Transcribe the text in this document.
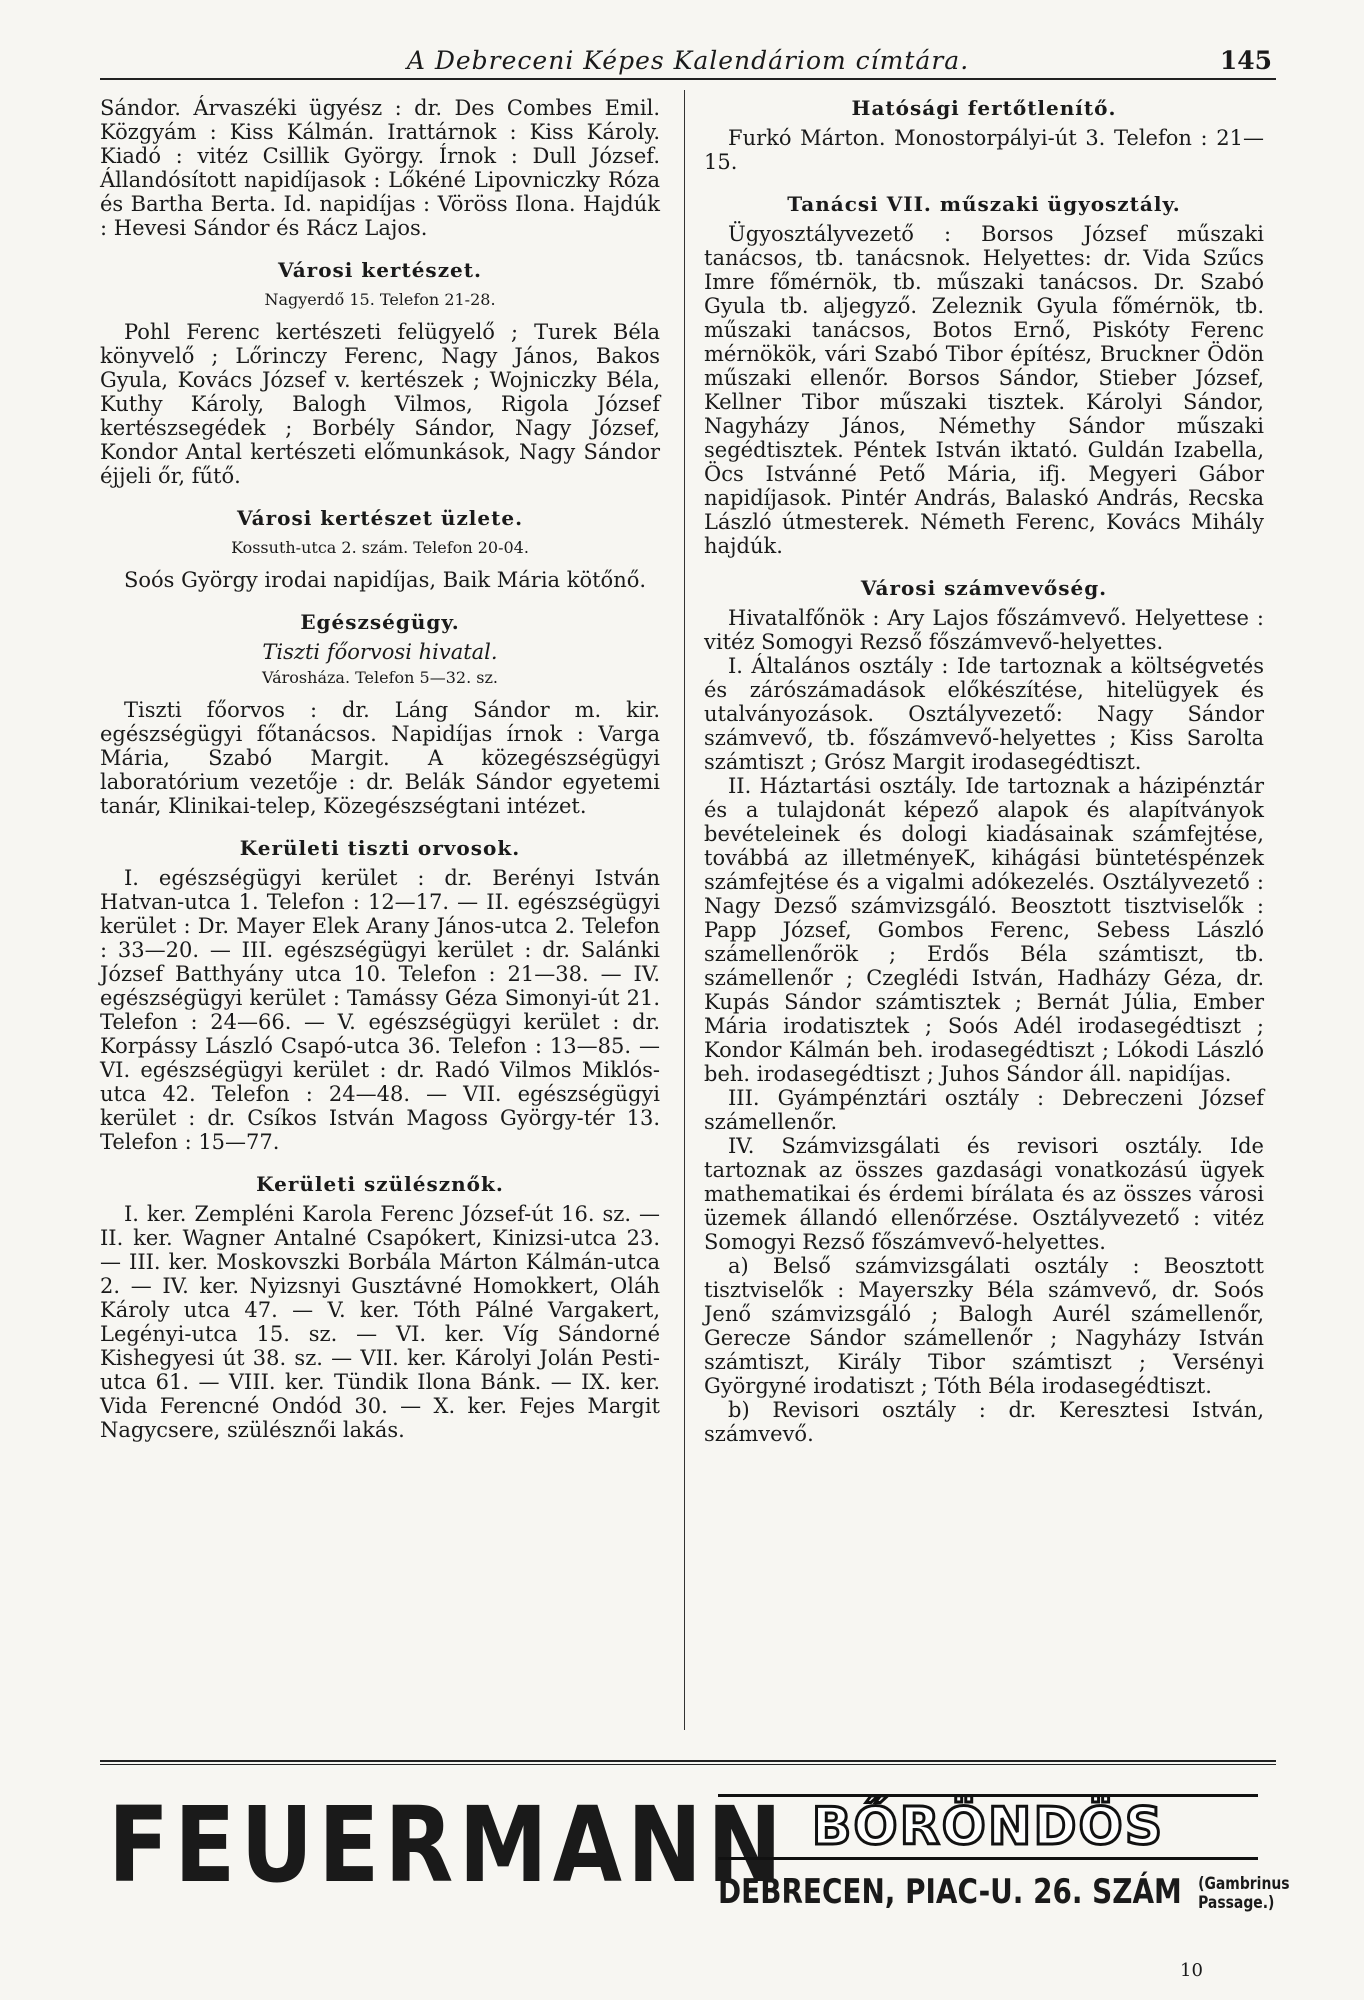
A Debreceni Képes Kalendáriom címtára.	145

Sándor. Árvaszéki ügyész : dr. Des Combes Emil. Közgyám : Kiss Kálmán. Irattárnok : Kiss Károly. Kiadó : vitéz Csillik György. Írnok : Dull József. Állandósított napidíjasok : Lőkéné Lipovniczky Róza és Bartha Berta. Id. napidíjas : Vöröss Ilona. Hajdúk : Hevesi Sándor és Rácz Lajos.

Városi kertészet.
Nagyerdő 15. Telefon 21-28.

Pohl Ferenc kertészeti felügyelő ; Turek Béla könyvelő ; Lőrinczy Ferenc, Nagy János, Bakos Gyula, Kovács József v. kertészek ; Wojniczky Béla, Kuthy Károly, Balogh Vilmos, Rigola József kertészsegédek ; Borbély Sándor, Nagy József, Kondor Antal kertészeti előmunkások, Nagy Sándor éjjeli őr, fűtő.

Városi kertészet üzlete.
Kossuth-utca 2. szám. Telefon 20-04.

Soós György irodai napidíjas, Baik Mária kötőnő.

Egészségügy.
Tiszti főorvosi hivatal.
Városháza. Telefon 5—32. sz.

Tiszti főorvos : dr. Láng Sándor m. kir. egészségügyi főtanácsos. Napidíjas írnok : Varga Mária, Szabó Margit. A közegészségügyi laboratórium vezetője : dr. Belák Sándor egyetemi tanár, Klinikai-telep, Közegészségtani intézet.

Kerületi tiszti orvosok.

I. egészségügyi kerület : dr. Berényi István Hatvan-utca 1. Telefon : 12—17. — II. egészségügyi kerület : Dr. Mayer Elek Arany János-utca 2. Telefon : 33—20. — III. egészségügyi kerület : dr. Salánki József Batthyány utca 10. Telefon : 21—38. — IV. egészségügyi kerület : Tamássy Géza Simonyi-út 21. Telefon : 24—66. — V. egészségügyi kerület : dr. Korpássy László Csapó-utca 36. Telefon : 13—85. — VI. egészségügyi kerület : dr. Radó Vilmos Miklós-utca 42. Telefon : 24—48. — VII. egészségügyi kerület : dr. Csíkos István Magoss György-tér 13. Telefon : 15—77.

Kerületi szülésznők.

I. ker. Zempléni Karola Ferenc József-út 16. sz. — II. ker. Wagner Antalné Csapókert, Kinizsi-utca 23. — III. ker. Moskovszki Borbála Márton Kálmán-utca 2. — IV. ker. Nyizsnyi Gusztávné Homokkert, Oláh Károly utca 47. — V. ker. Tóth Pálné Vargakert, Legényi-utca 15. sz. — VI. ker. Víg Sándorné Kishegyesi út 38. sz. — VII. ker. Károlyi Jolán Pesti-utca 61. — VIII. ker. Tündik Ilona Bánk. — IX. ker. Vida Ferencné Ondód 30. — X. ker. Fejes Margit Nagycsere, szülésznői lakás.

Hatósági fertőtlenítő.

Furkó Márton. Monostorpályi-út 3. Telefon : 21—15.

Tanácsi VII. műszaki ügyosztály.

Ügyosztályvezető : Borsos József műszaki tanácsos, tb. tanácsnok. Helyettes: dr. Vida Szűcs Imre főmérnök, tb. műszaki tanácsos. Dr. Szabó Gyula tb. aljegyző. Zeleznik Gyula főmérnök, tb. műszaki tanácsos, Botos Ernő, Piskóty Ferenc mérnökök, vári Szabó Tibor építész, Bruckner Ödön műszaki ellenőr. Borsos Sándor, Stieber József, Kellner Tibor műszaki tisztek. Károlyi Sándor, Nagyházy János, Némethy Sándor műszaki segédtisztek. Péntek István iktató. Guldán Izabella, Öcs Istvánné Pető Mária, ifj. Megyeri Gábor napidíjasok. Pintér András, Balaskó András, Recska László útmesterek. Németh Ferenc, Kovács Mihály hajdúk.

Városi számvevőség.

Hivatalfőnök : Ary Lajos főszámvevő. Helyettese : vitéz Somogyi Rezső főszámvevő-helyettes.

I. Általános osztály : Ide tartoznak a költségvetés és zárószámadások előkészítése, hitelügyek és utalványozások. Osztályvezető: Nagy Sándor számvevő, tb. főszámvevő-helyettes ; Kiss Sarolta számtiszt ; Grósz Margit irodasegédtiszt.

II. Háztartási osztály. Ide tartoznak a házipénztár és a tulajdonát képező alapok és alapítványok bevételeinek és dologi kiadásainak számfejtése, továbbá az illetményeK, kihágási büntetéspénzek számfejtése és a vigalmi adókezelés. Osztályvezető : Nagy Dezső számvizsgáló. Beosztott tisztviselők : Papp József, Gombos Ferenc, Sebess László számellenőrök ; Erdős Béla számtiszt, tb. számellenőr ; Czeglédi István, Hadházy Géza, dr. Kupás Sándor számtisztek ; Bernát Júlia, Ember Mária irodatisztek ; Soós Adél irodasegédtiszt ; Kondor Kálmán beh. irodasegédtiszt ; Lókodi László beh. irodasegédtiszt ; Juhos Sándor áll. napidíjas.

III. Gyámpénztári osztály : Debreczeni József számellenőr.

IV. Számvizsgálati és revisori osztály. Ide tartoznak az összes gazdasági vonatkozású ügyek mathematikai és érdemi bírálata és az összes városi üzemek állandó ellenőrzése. Osztályvezető : vitéz Somogyi Rezső főszámvevő-helyettes.

a) Belső számvizsgálati osztály : Beosztott tisztviselők : Mayerszky Béla számvevő, dr. Soós Jenő számvizsgáló ; Balogh Aurél számellenőr, Gerecze Sándor számellenőr ; Nagyházy István számtiszt, Király Tibor számtiszt ; Versényi Györgyné irodatiszt ; Tóth Béla irodasegédtiszt.

b) Revisori osztály : dr. Keresztesi István, számvevő.

FEUERMANN BŐRÖNDÖS
DEBRECEN, PIAC-U. 26. SZÁM (Gambrinus
Passage.)
10
